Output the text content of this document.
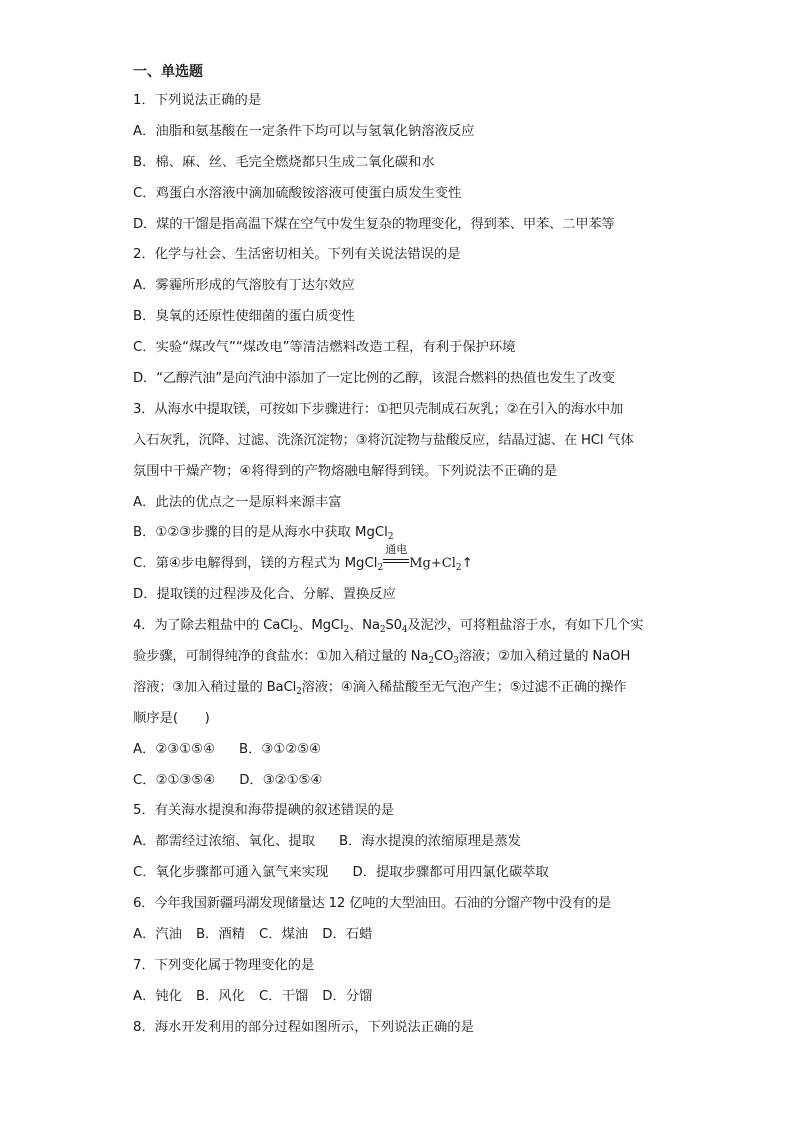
一、单选题
1．下列说法正确的是
A．油脂和氨基酸在一定条件下均可以与氢氧化钠溶液反应
B．棉、麻、丝、毛完全燃烧都只生成二氧化碳和水
C．鸡蛋白水溶液中滴加硫酸铵溶液可使蛋白质发生变性
D．煤的干馏是指高温下煤在空气中发生复杂的物理变化，得到苯、甲苯、二甲苯等
2．化学与社会、生活密切相关。下列有关说法错误的是
A．雾霾所形成的气溶胶有丁达尔效应
B．臭氧的还原性使细菌的蛋白质变性
C．实验“煤改气”“煤改电”等清洁燃料改造工程，有利于保护环境
D．“乙醇汽油”是向汽油中添加了一定比例的乙醇，该混合燃料的热值也发生了改变
3．从海水中提取镁，可按如下步骤进行：①把贝壳制成石灰乳；②在引入的海水中加
入石灰乳，沉降、过滤、洗涤沉淀物；③将沉淀物与盐酸反应，结晶过滤、在 HCl 气体
氛围中干燥产物；④将得到的产物熔融电解得到镁。下列说法不正确的是
A．此法的优点之一是原料来源丰富
B．①②③步骤的目的是从海水中获取 MgCl$_2$
C．第④步电解得到，镁的方程式为 MgCl$_2$
通电
$Mg+Cl_2↑$
D．提取镁的过程涉及化合、分解、置换反应
4．为了除去粗盐中的 CaCl$_2$、MgCl$_2$、$Na_2S0_4$及泥沙，可将粗盐溶于水，有如下几个实
验步骤，可制得纯净的食盐水：①加入稍过量的 $Na_2CO_3$溶液；②加入稍过量的 NaOH
溶液；③加入稍过量的 BaCl$_2$溶液；④滴入稀盐酸至无气泡产生；⑤过滤不正确的操作
顺序是(　　)
A．②③①⑤④ B．③①②⑤④
C．②①③⑤④ D．③②①⑤④
5．有关海水提溴和海带提碘的叙述错误的是
A．都需经过浓缩、氧化、提取 B．海水提溴的浓缩原理是蒸发
C．氧化步骤都可通入氯气来实现 D．提取步骤都可用四氯化碳萃取
6．今年我国新疆玛湖发现储量达 12 亿吨的大型油田。石油的分馏产物中没有的是
A．汽油 B．酒精 C．煤油 D．石蜡
7．下列变化属于物理变化的是
A．钝化 B．风化 C．干馏 D．分馏
8．海水开发利用的部分过程如图所示，下列说法正确的是
